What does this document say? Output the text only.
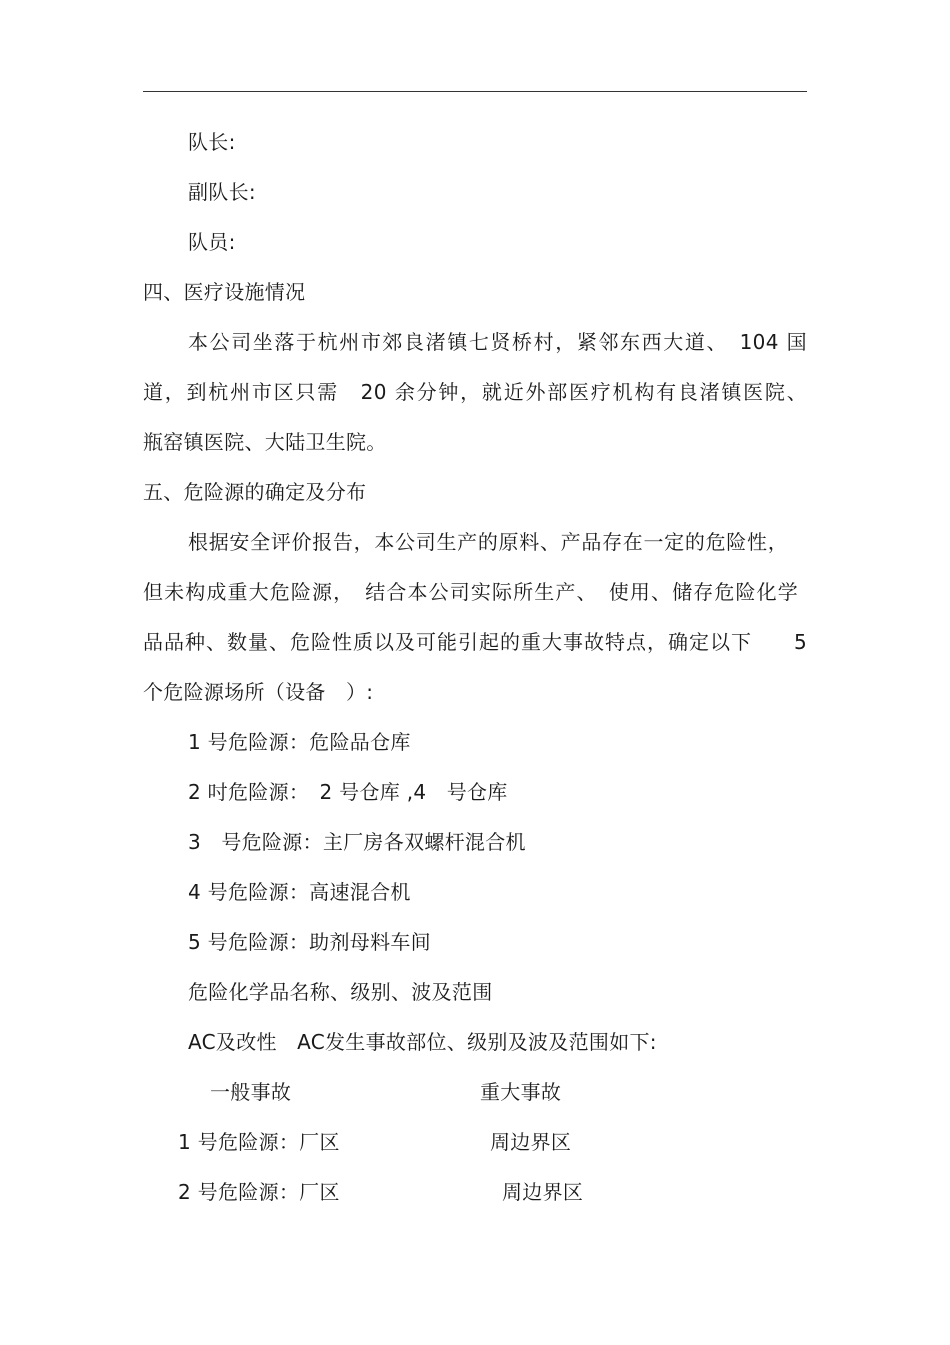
队长:
副队长:
队员:
四、医疗设施情况
本公司坐落于杭州市郊良渚镇七贤桥村，紧邻东西大道、　104 国
道，到杭州市区只需　20 余分钟，就近外部医疗机构有良渚镇医院、
瓶窑镇医院、大陆卫生院。
五、危险源的确定及分布
根据安全评价报告，本公司生产的原料、产品存在一定的危险性，
但未构成重大危险源，　结合本公司实际所生产、　使用、储存危险化学
品品种、数量、危险性质以及可能引起的重大事故特点，确定以下　　5
个危险源场所（设备　）:
1 号危险源：危险品仓库
2 吋危险源：　2 号仓库 ,4　号仓库
3　号危险源：主厂房各双螺杆混合机
4 号危险源：高速混合机
5 号危险源：助剂母料车间
危险化学品名称、级别、波及范围
AC及改性　AC发生事故部位、级别及波及范围如下:
一般事故	重大事故
1 号危险源：厂区	周边界区
2 号危险源：厂区	周边界区
